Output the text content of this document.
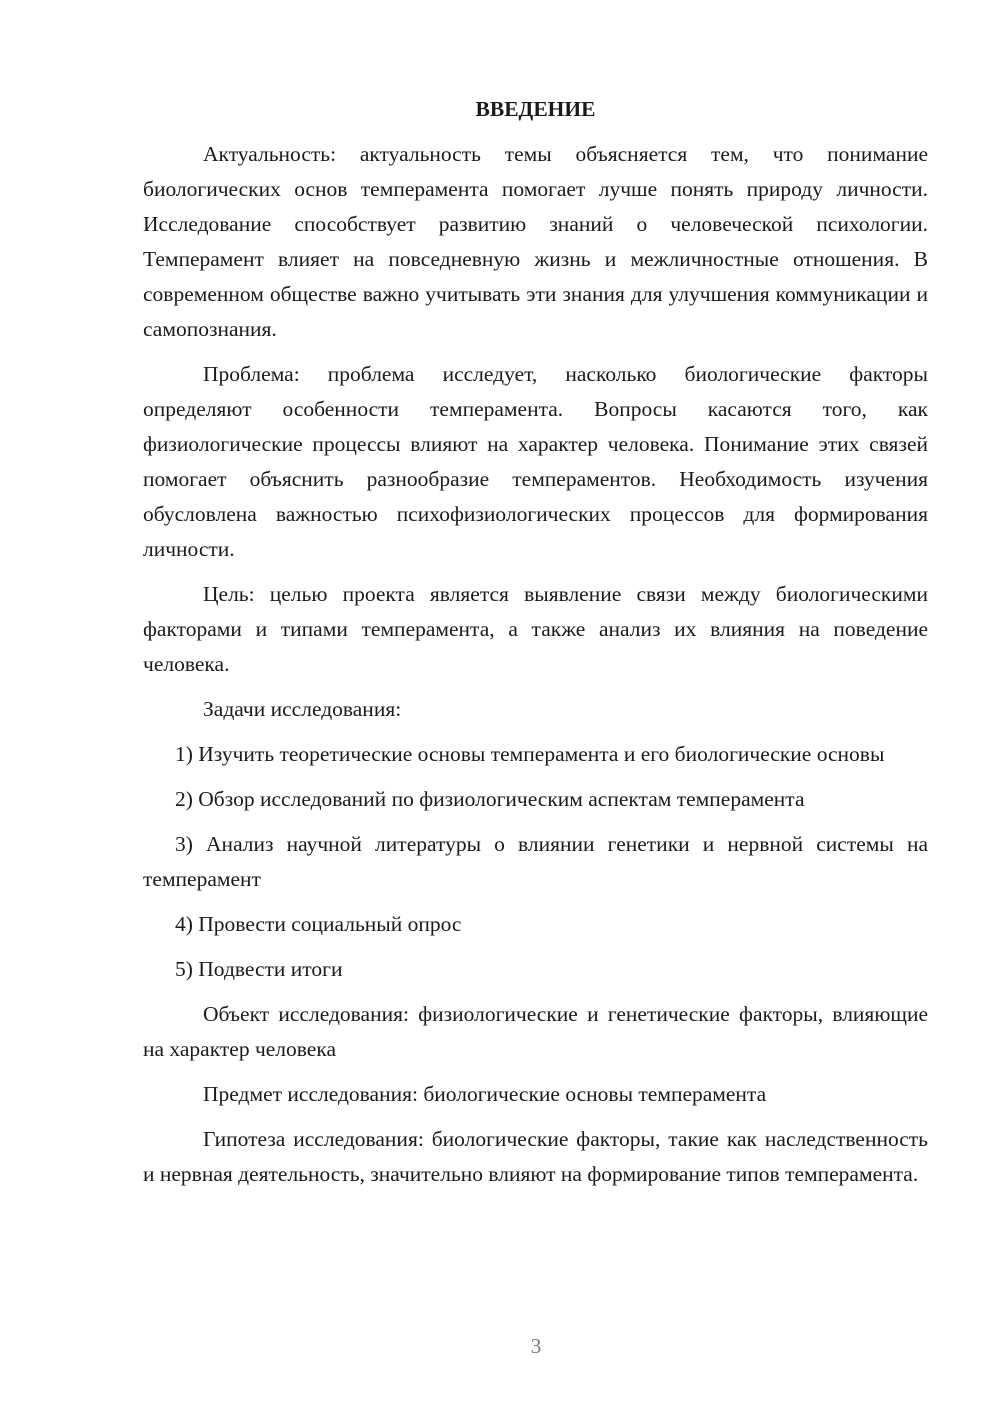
ВВЕДЕНИЕ

Актуальность: актуальность темы объясняется тем, что понимание биологических основ темперамента помогает лучше понять природу личности. Исследование способствует развитию знаний о человеческой психологии. Темперамент влияет на повседневную жизнь и межличностные отношения. В современном обществе важно учитывать эти знания для улучшения коммуникации и самопознания.

Проблема: проблема исследует, насколько биологические факторы определяют особенности темперамента. Вопросы касаются того, как физиологические процессы влияют на характер человека. Понимание этих связей помогает объяснить разнообразие темпераментов. Необходимость изучения обусловлена важностью психофизиологических процессов для формирования личности.

Цель: целью проекта является выявление связи между биологическими факторами и типами темперамента, а также анализ их влияния на поведение человека.

Задачи исследования:

1) Изучить теоретические основы темперамента и его биологические основы

2) Обзор исследований по физиологическим аспектам темперамента

3) Анализ научной литературы о влиянии генетики и нервной системы на темперамент

4) Провести социальный опрос

5) Подвести итоги

Объект исследования: физиологические и генетические факторы, влияющие на характер человека

Предмет исследования: биологические основы темперамента

Гипотеза исследования: биологические факторы, такие как наследственность и нервная деятельность, значительно влияют на формирование типов темперамента.

3
